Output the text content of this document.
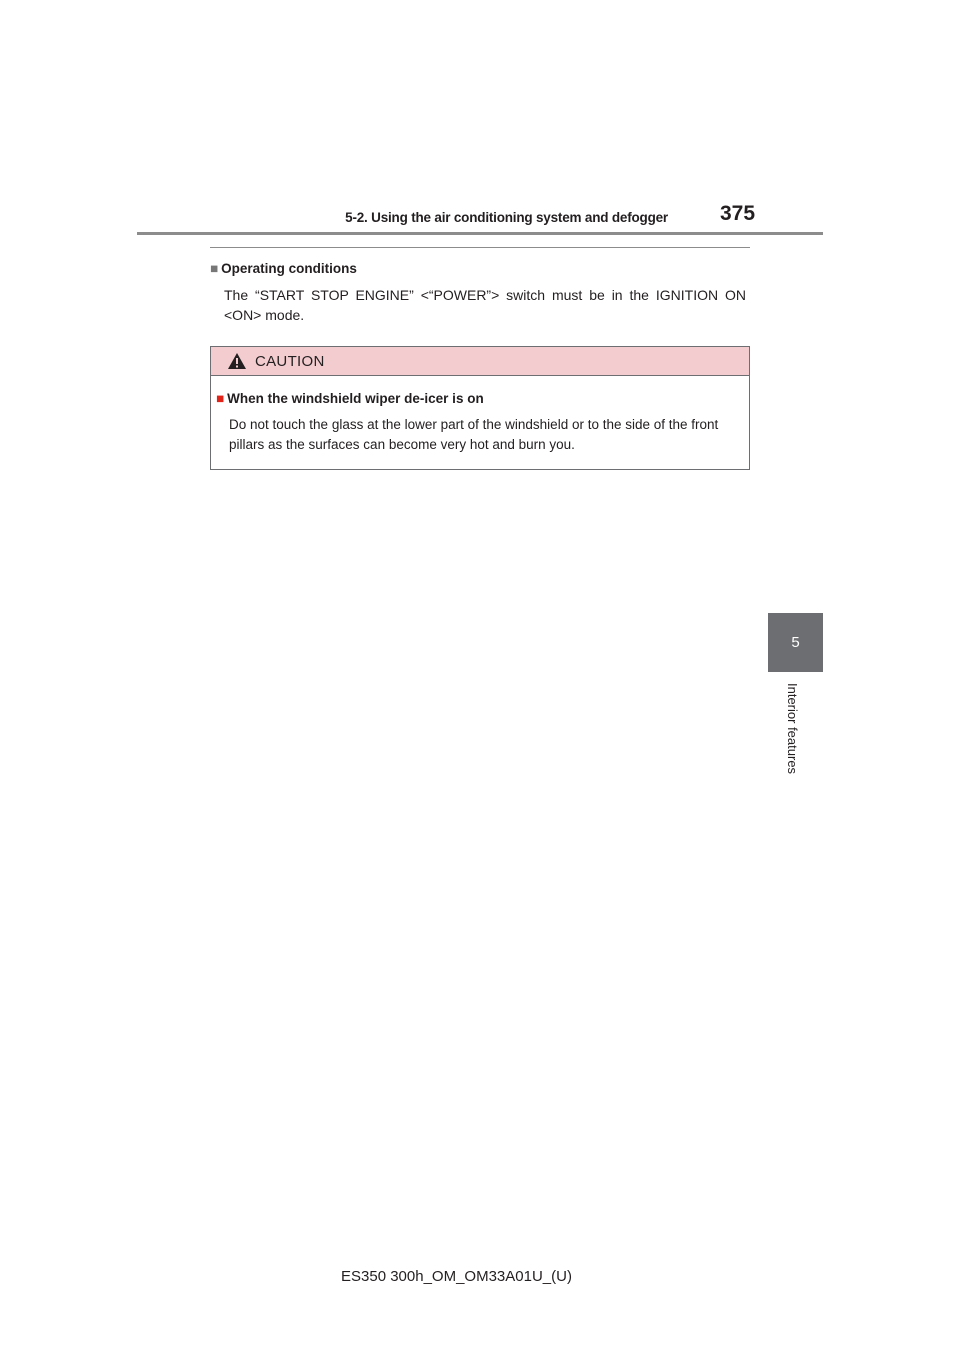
5-2. Using the air conditioning system and defogger 375
5
Interior features
■ Operating conditions
The “START STOP ENGINE” <“POWER”> switch must be in the IGNITION ON <ON> mode.
CAUTION
■ When the windshield wiper de-icer is on
Do not touch the glass at the lower part of the windshield or to the side of the front pillars as the surfaces can become very hot and burn you.
ES350 300h_OM_OM33A01U_(U)
